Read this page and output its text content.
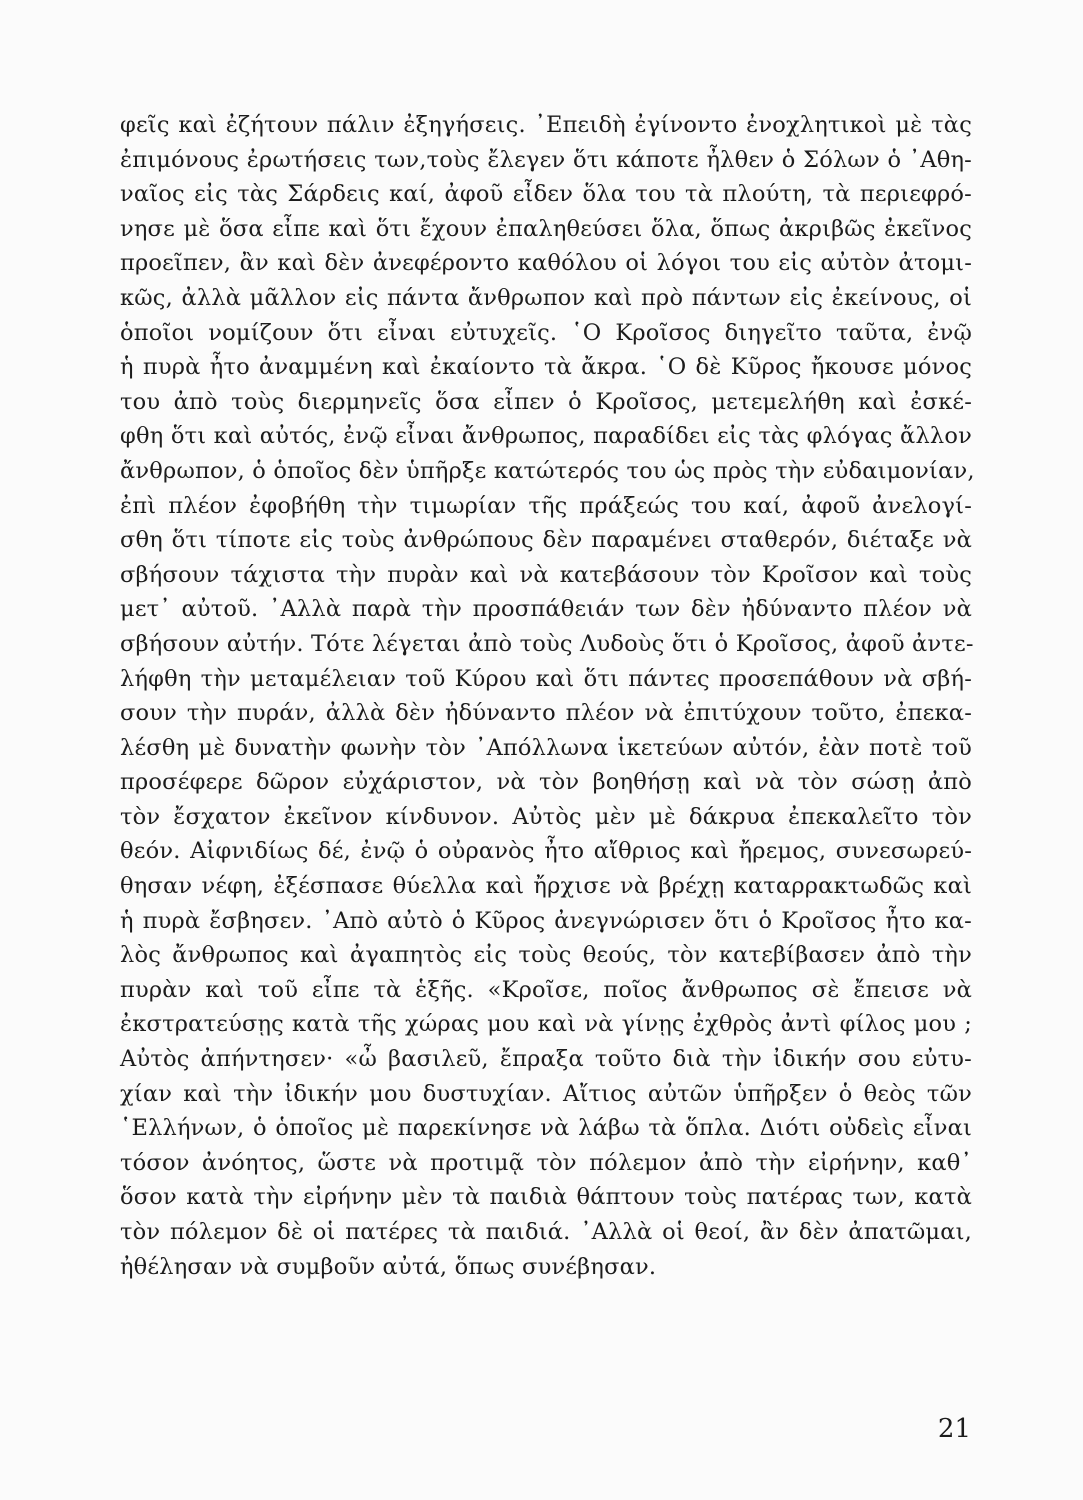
φεῖς καὶ ἐζήτουν πάλιν ἐξηγήσεις. ᾿Επειδὴ ἐγίνοντο ἐνοχλητικοὶ μὲ τὰς
ἐπιμόνους ἐρωτήσεις των,τοὺς ἔλεγεν ὅτι κάποτε ἦλθεν ὁ Σόλων ὁ ᾿Αθη-
ναῖος εἰς τὰς Σάρδεις καί, ἀφοῦ εἶδεν ὅλα του τὰ πλούτη, τὰ περιεφρό-
νησε μὲ ὅσα εἶπε καὶ ὅτι ἔχουν ἐπαληθεύσει ὅλα, ὅπως ἀκριβῶς ἐκεῖνος
προεῖπεν, ἂν καὶ δὲν ἀνεφέροντο καθόλου οἱ λόγοι του εἰς αὐτὸν ἀτομι-
κῶς, ἀλλὰ μᾶλλον εἰς πάντα ἄνθρωπον καὶ πρὸ πάντων εἰς ἐκείνους, οἱ
ὁποῖοι νομίζουν ὅτι εἶναι εὐτυχεῖς. ῾Ο Κροῖσος διηγεῖτο ταῦτα, ἐνῷ
ἡ πυρὰ ἦτο ἀναμμένη καὶ ἐκαίοντο τὰ ἄκρα. ῾Ο δὲ Κῦρος ἤκουσε μόνος
του ἀπὸ τοὺς διερμηνεῖς ὅσα εἶπεν ὁ Κροῖσος, μετεμελήθη καὶ ἐσκέ-
φθη ὅτι καὶ αὐτός, ἐνῷ εἶναι ἄνθρωπος, παραδίδει εἰς τὰς φλόγας ἄλλον
ἄνθρωπον, ὁ ὁποῖος δὲν ὑπῆρξε κατώτερός του ὡς πρὸς τὴν εὐδαιμονίαν,
ἐπὶ πλέον ἐφοβήθη τὴν τιμωρίαν τῆς πράξεώς του καί, ἀφοῦ ἀνελογί-
σθη ὅτι τίποτε εἰς τοὺς ἀνθρώπους δὲν παραμένει σταθερόν, διέταξε νὰ
σβήσουν τάχιστα τὴν πυρὰν καὶ νὰ κατεβάσουν τὸν Κροῖσον καὶ τοὺς
μετ᾿ αὐτοῦ. ᾿Αλλὰ παρὰ τὴν προσπάθειάν των δὲν ἠδύναντο πλέον νὰ
σβήσουν αὐτήν. Τότε λέγεται ἀπὸ τοὺς Λυδοὺς ὅτι ὁ Κροῖσος, ἀφοῦ ἀντε-
λήφθη τὴν μεταμέλειαν τοῦ Κύρου καὶ ὅτι πάντες προσεπάθουν νὰ σβή-
σουν τὴν πυράν, ἀλλὰ δὲν ἠδύναντο πλέον νὰ ἐπιτύχουν τοῦτο, ἐπεκα-
λέσθη μὲ δυνατὴν φωνὴν τὸν ᾿Απόλλωνα ἱκετεύων αὐτόν, ἐὰν ποτὲ τοῦ
προσέφερε δῶρον εὐχάριστον, νὰ τὸν βοηθήσῃ καὶ νὰ τὸν σώσῃ ἀπὸ
τὸν ἔσχατον ἐκεῖνον κίνδυνον. Αὐτὸς μὲν μὲ δάκρυα ἐπεκαλεῖτο τὸν
θεόν. Αἰφνιδίως δέ, ἐνῷ ὁ οὐρανὸς ἦτο αἴθριος καὶ ἤρεμος, συνεσωρεύ-
θησαν νέφη, ἐξέσπασε θύελλα καὶ ἤρχισε νὰ βρέχῃ καταρρακτωδῶς καὶ
ἡ πυρὰ ἔσβησεν. ᾿Απὸ αὐτὸ ὁ Κῦρος ἀνεγνώρισεν ὅτι ὁ Κροῖσος ἦτο κα-
λὸς ἄνθρωπος καὶ ἀγαπητὸς εἰς τοὺς θεούς, τὸν κατεβίβασεν ἀπὸ τὴν
πυρὰν καὶ τοῦ εἶπε τὰ ἑξῆς. «Κροῖσε, ποῖος ἄνθρωπος σὲ ἔπεισε νὰ
ἐκστρατεύσῃς κατὰ τῆς χώρας μου καὶ νὰ γίνῃς ἐχθρὸς ἀντὶ φίλος μου ;
Αὐτὸς ἀπήντησεν· «ὦ βασιλεῦ, ἔπραξα τοῦτο διὰ τὴν ἰδικήν σου εὐτυ-
χίαν καὶ τὴν ἰδικήν μου δυστυχίαν. Αἴτιος αὐτῶν ὑπῆρξεν ὁ θεὸς τῶν
῾Ελλήνων, ὁ ὁποῖος μὲ παρεκίνησε νὰ λάβω τὰ ὅπλα. Διότι οὐδεὶς εἶναι
τόσον ἀνόητος, ὥστε νὰ προτιμᾷ τὸν πόλεμον ἀπὸ τὴν εἰρήνην, καθ᾿
ὅσον κατὰ τὴν εἰρήνην μὲν τὰ παιδιὰ θάπτουν τοὺς πατέρας των, κατὰ
τὸν πόλεμον δὲ οἱ πατέρες τὰ παιδιά. ᾿Αλλὰ οἱ θεοί, ἂν δὲν ἀπατῶμαι,
ἠθέλησαν νὰ συμβοῦν αὐτά, ὅπως συνέβησαν.
21
